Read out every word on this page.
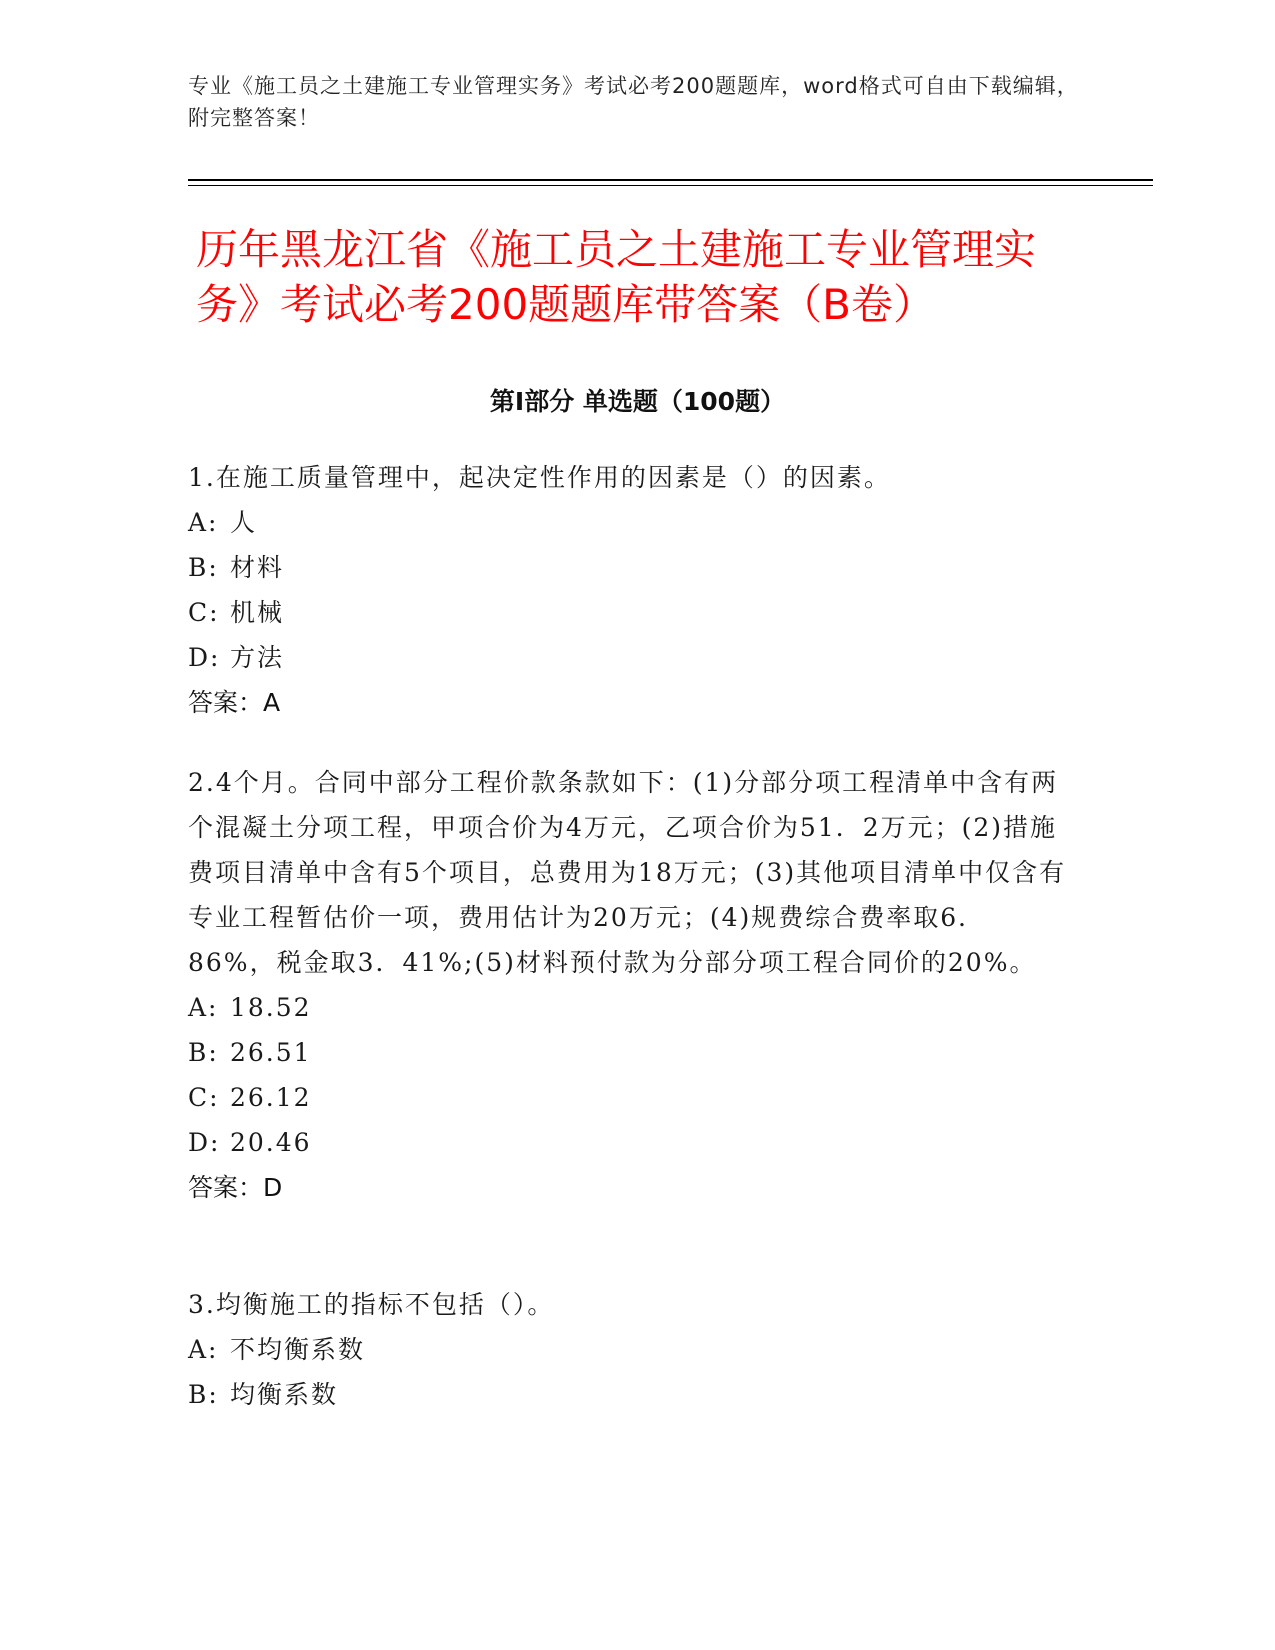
专业《施工员之土建施工专业管理实务》考试必考200题题库，word格式可自由下载编辑，附完整答案！
历年黑龙江省《施工员之土建施工专业管理实务》考试必考200题题库带答案（B卷）
第Ⅰ部分 单选题（100题）

1.在施工质量管理中，起决定性作用的因素是（）的因素。

A: 人

B: 材料

C: 机械

D: 方法

答案：A

2.4个月。合同中部分工程价款条款如下：(1)分部分项工程清单中含有两个混凝土分项工程，甲项合价为4万元，乙项合价为51．2万元；(2)措施费项目清单中含有5个项目，总费用为18万元；(3)其他项目清单中仅含有专业工程暂估价一项，费用估计为20万元；(4)规费综合费率取6．86%，税金取3．41%;(5)材料预付款为分部分项工程合同价的20%。

A: 18.52

B: 26.51

C: 26.12

D: 20.46

答案：D

3.均衡施工的指标不包括（）。

A: 不均衡系数

B: 均衡系数
